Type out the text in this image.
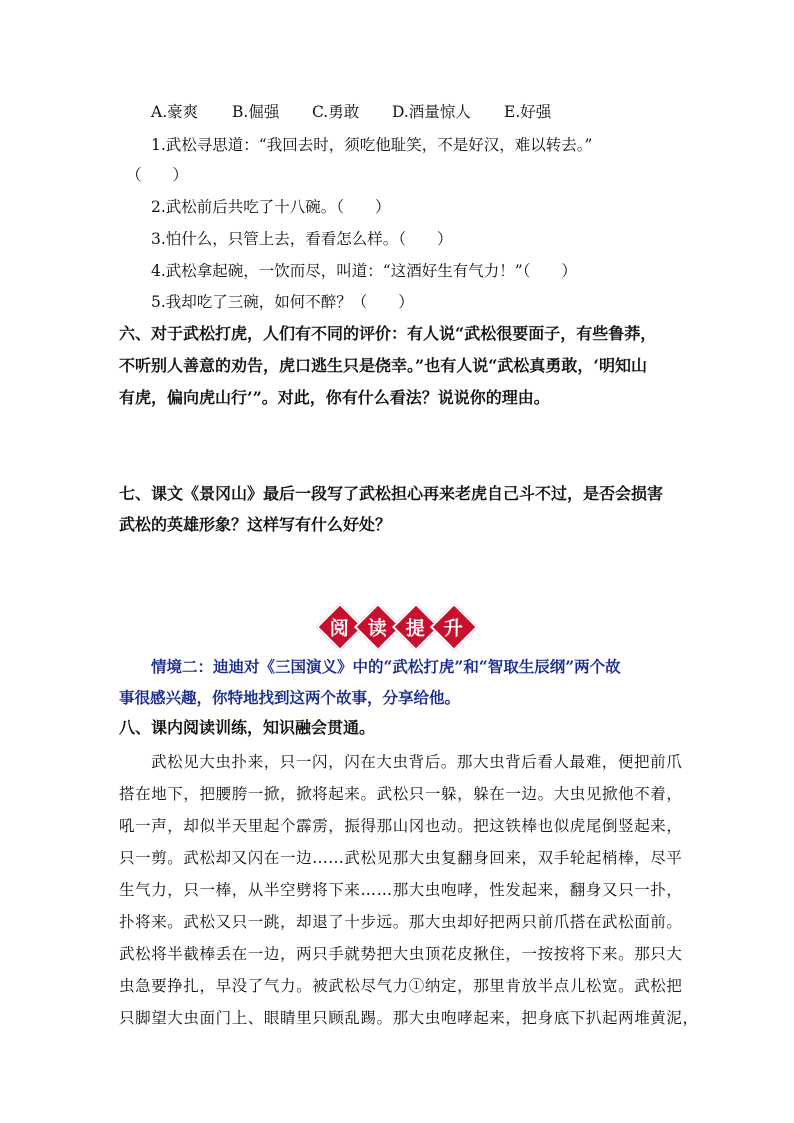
A.豪爽 B.倔强 C.勇敢 D.酒量惊人 E.好强
1.武松寻思道：“我回去时，须吃他耻笑，不是好汉，难以转去。”
（　　）
2.武松前后共吃了十八碗。（　　）
3.怕什么，只管上去，看看怎么样。（　　）
4.武松拿起碗，一饮而尽，叫道：“这酒好生有气力！”（　　）
5.我却吃了三碗，如何不醉？（　　）
六、对于武松打虎，人们有不同的评价：有人说“武松很要面子，有些鲁莽，
不听别人善意的劝告，虎口逃生只是侥幸。”也有人说“武松真勇敢，‘明知山
有虎，偏向虎山行’”。对此，你有什么看法？说说你的理由。
七、课文《景冈山》最后一段写了武松担心再来老虎自己斗不过，是否会损害
武松的英雄形象？这样写有什么好处？
阅 读 提 升
情境二：迪迪对《三国演义》中的“武松打虎”和“智取生辰纲”两个故
事很感兴趣，你特地找到这两个故事，分享给他。
八、课内阅读训练，知识融会贯通。
武松见大虫扑来，只一闪，闪在大虫背后。那大虫背后看人最难，便把前爪
搭在地下，把腰胯一掀，掀将起来。武松只一躲，躲在一边。大虫见掀他不着，
吼一声，却似半天里起个霹雳，振得那山冈也动。把这铁棒也似虎尾倒竖起来，
只一剪。武松却又闪在一边……武松见那大虫复翻身回来，双手轮起梢棒，尽平
生气力，只一棒，从半空劈将下来……那大虫咆哮，性发起来，翻身又只一扑，
扑将来。武松又只一跳，却退了十步远。那大虫却好把两只前爪搭在武松面前。
武松将半截棒丢在一边，两只手就势把大虫顶花皮揪住，一按按将下来。那只大
虫急要挣扎，早没了气力。被武松尽气力①纳定，那里肯放半点儿松宽。武松把
只脚望大虫面门上、眼睛里只顾乱踢。那大虫咆哮起来，把身底下扒起两堆黄泥，
